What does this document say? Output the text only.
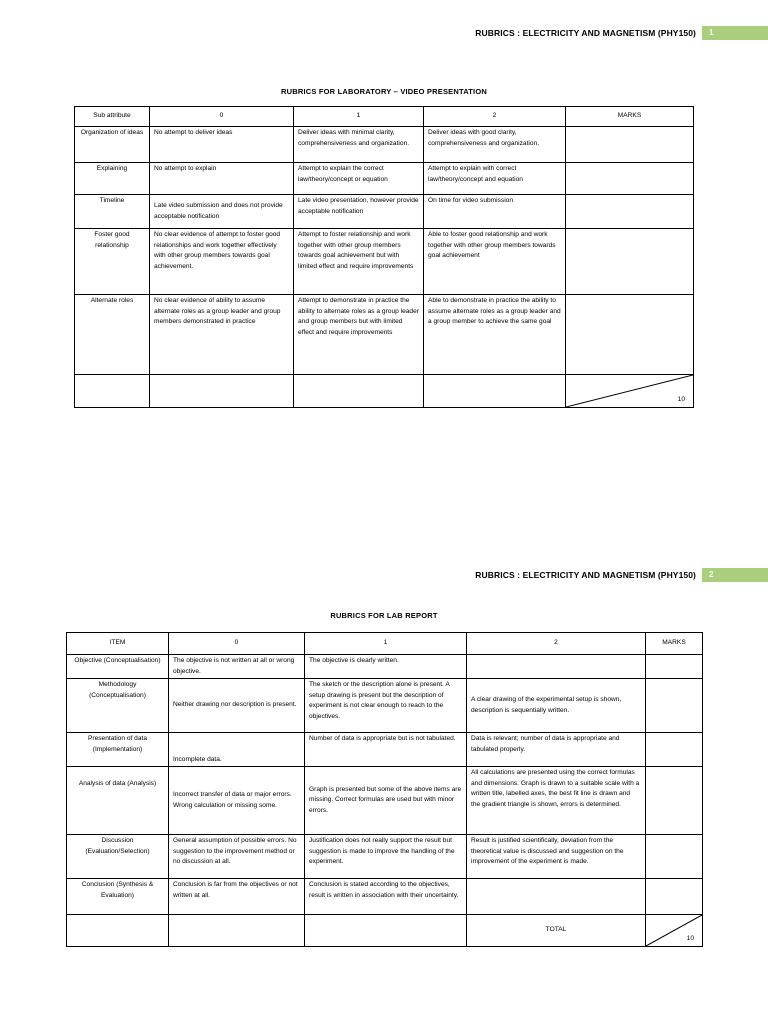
RUBRICS : ELECTRICITY AND MAGNETISM (PHY150)	1
RUBRICS FOR LABORATORY – VIDEO PRESENTATION
Sub attribute	0	1	2	MARKS
Organization of ideas	No attempt to deliver ideas	Deliver ideas with minimal clarity, comprehensiveness and organization.	Deliver ideas with good clarity, comprehensiveness and organization.	
Explaining	No attempt to explain	Attempt to explain the correct law/theory/concept or equation	Attempt to explain with correct law/theory/concept and equation	
Timeline	Late video submission and does not provide acceptable notification	Late video presentation, however provide acceptable notification	On time for video submission	
Foster good relationship	No clear evidence of attempt to foster good relationships and work together effectively with other group members towards goal achievement.	Attempt to foster relationship and work together with other group members towards goal achievement but with limited effect and require improvements	Able to foster good relationship and work together with other group members towards goal achievement	
Alternate roles	No clear evidence of ability to assume alternate roles as a group leader and group members demonstrated in practice	Attempt to demonstrate in practice the ability to alternate roles as a group leader and group members but with limited effect and require improvements	Able to demonstrate in practice the ability to assume alternate roles as a group leader and a group member to achieve the same goal	

				10
RUBRICS : ELECTRICITY AND MAGNETISM (PHY150)	2
RUBRICS FOR LAB REPORT
ITEM	0	1	2	MARKS
Objective (Conceptualisation)	The objective is not written at all or wrong objective.	The objective is clearly written.		
Methodology (Conceptualisation)	Neither drawing nor description is present.	The sketch or the description alone is present. A setup drawing is present but the description of experiment is not clear enough to reach to the objectives.	A clear drawing of the experimental setup is shown, description is sequentially written.	
Presentation of data (Implementation)	Incomplete data.	Number of data is appropriate but is not tabulated.	Data is relevant; number of data is appropriate and tabulated properly.	
Analysis of data (Analysis)	Incorrect transfer of data or major errors. Wrong calculation or missing some.	Graph is presented but some of the above items are missing. Correct formulas are used but with minor errors.	All calculations are presented using the correct formulas and dimensions. Graph is drawn to a suitable scale with a written title, labelled axes, the best fit line is drawn and the gradient triangle is shown, errors is determined.	
Discussion (Evaluation/Selection)	General assumption of possible errors. No suggestion to the improvement method or no discussion at all.	Justification does not really support the result but suggestion is made to improve the handling of the experiment.	Result is justified scientifically, deviation from the theoretical value is discussed and suggestion on the improvement of the experiment is made.	
Conclusion (Synthesis & Evaluation)	Conclusion is far from the objectives or not written at all.	Conclusion is stated according to the objectives, result is written in association with their uncertainty.		
			TOTAL	10
